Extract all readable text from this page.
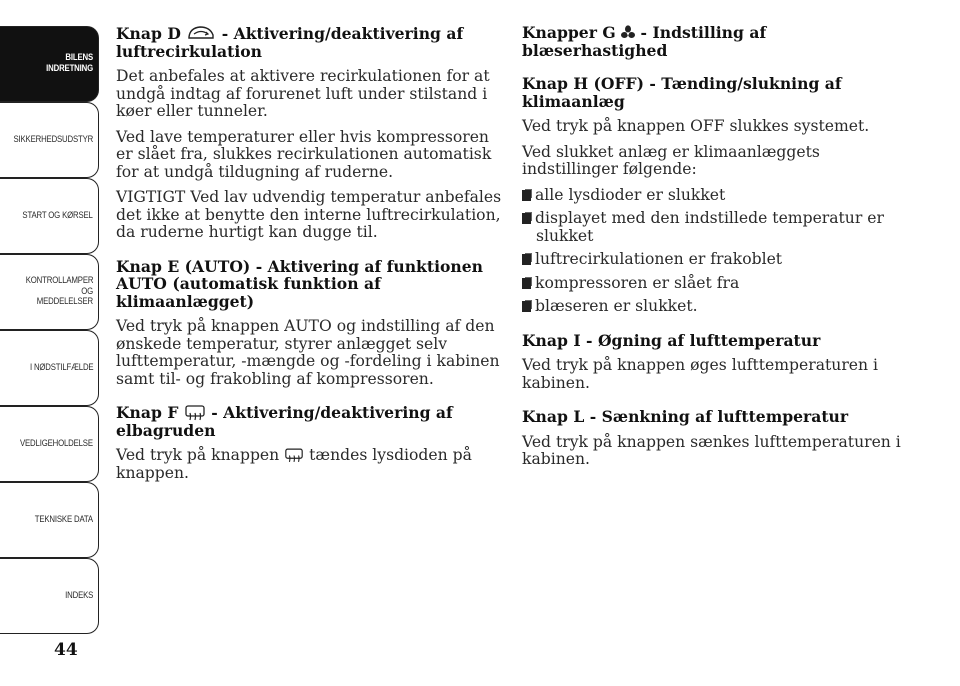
BILENS INDRETNING
SIKKERHEDSUDSTYR
START OG KØRSEL
KONTROLLAMPER OG MEDDELELSER
I NØDSTILFÆLDE
VEDLIGEHOLDELSE
TEKNISKE DATA
INDEKS
44
Knap D  - Aktivering/deaktivering af luftrecirkulation

Det anbefales at aktivere recirkulationen for at undgå indtag af forurenet luft under stilstand i køer eller tunneler.

Ved lave temperaturer eller hvis kompressoren er slået fra, slukkes recirkulationen automatisk for at undgå tildugning af ruderne.

VIGTIGT Ved lav udvendig temperatur anbefales det ikke at benytte den interne luftrecirkulation, da ruderne hurtigt kan dugge til.

Knap E (AUTO) - Aktivering af funktionen AUTO (automatisk funktion af klimaanlægget)

Ved tryk på knappen AUTO og indstilling af den ønskede temperatur, styrer anlægget selv lufttemperatur, -mængde og -fordeling i kabinen samt til- og frakobling af kompressoren.

Knap F  - Aktivering/deaktivering af elbagruden

Ved tryk på knappen tændes lysdioden på knappen.

Knapper G  - Indstilling af blæserhastighed
Knap H (OFF) - Tænding/slukning af klimaanlæg

Ved tryk på knappen OFF slukkes systemet.

Ved slukket anlæg er klimaanlæggets indstillinger følgende:

alle lysdioder er slukket
displayet med den indstillede temperatur er slukket
luftrecirkulationen er frakoblet
kompressoren er slået fra
blæseren er slukket.
Knap I - Øgning af lufttemperatur

Ved tryk på knappen øges lufttemperaturen i kabinen.

Knap L - Sænkning af lufttemperatur

Ved tryk på knappen sænkes lufttemperaturen i kabinen.
